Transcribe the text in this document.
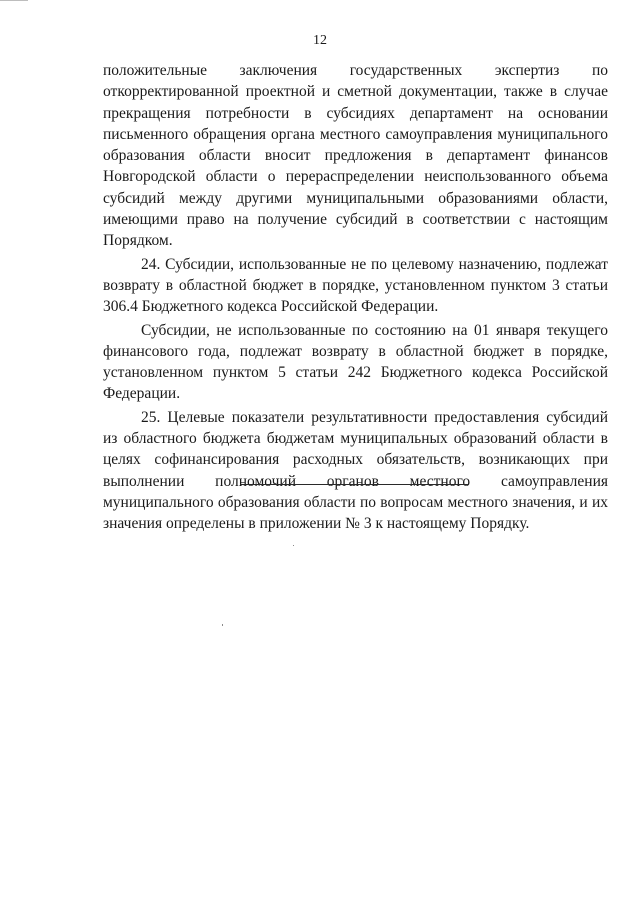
12

положительные заключения государственных экспертиз по откорректированной проектной и сметной документации, также в случае прекращения потребности в субсидиях департамент на основании письменного обращения органа местного самоуправления муниципального образования области вносит предложения в департамент финансов Новгородской области о перераспределении неиспользованного объема субсидий между другими муниципальными образованиями области, имеющими право на получение субсидий в соответствии с настоящим Порядком.

24. Субсидии, использованные не по целевому назначению, подлежат возврату в областной бюджет в порядке, установленном пунктом 3 статьи 306.4 Бюджетного кодекса Российской Федерации.

Субсидии, не использованные по состоянию на 01 января текущего финансового года, подлежат возврату в областной бюджет в порядке, установленном пунктом 5 статьи 242 Бюджетного кодекса Российской Федерации.

25. Целевые показатели результативности предоставления субсидий из областного бюджета бюджетам муниципальных образований области в целях софинансирования расходных обязательств, возникающих при выполнении полномочий органов местного самоуправления муниципального образования области по вопросам местного значения, и их значения определены в приложении № 3 к настоящему Порядку.
